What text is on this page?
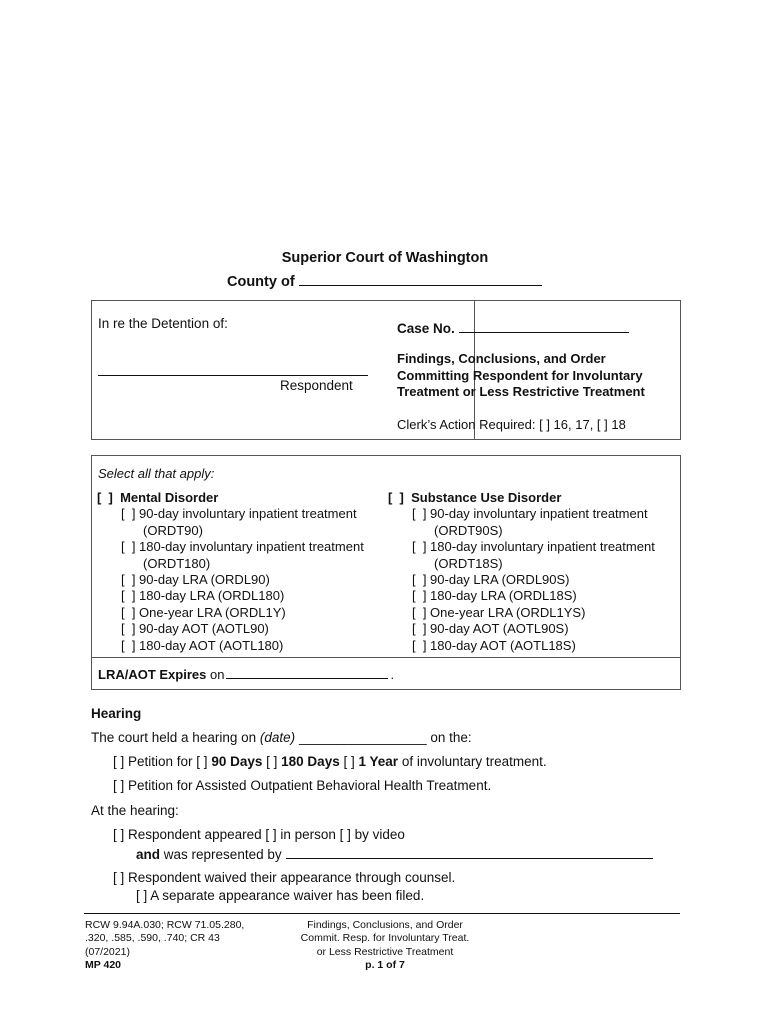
Superior Court of Washington
County of
In re the Detention of:
Respondent
Case No.
Findings, Conclusions, and Order
Committing Respondent for Involuntary
Treatment or Less Restrictive Treatment
Clerk’s Action Required: [ ] 16, 17, [ ] 18
Select all that apply:
[  ]  Mental Disorder
[  ] 90-day involuntary inpatient treatment
(ORDT90)
[  ] 180-day involuntary inpatient treatment
(ORDT180)
[  ] 90-day LRA (ORDL90)
[  ] 180-day LRA (ORDL180)
[  ] One-year LRA (ORDL1Y)
[  ] 90-day AOT (AOTL90)
[  ] 180-day AOT (AOTL180)
[  ]  Substance Use Disorder
[  ] 90-day involuntary inpatient treatment
(ORDT90S)
[  ] 180-day involuntary inpatient treatment
(ORDT18S)
[  ] 90-day LRA (ORDL90S)
[  ] 180-day LRA (ORDL18S)
[  ] One-year LRA (ORDL1YS)
[  ] 90-day AOT (AOTL90S)
[  ] 180-day AOT (AOTL18S)
LRA/AOT Expires on	.
Hearing
The court held a hearing on (date) _________________ on the:
[ ] Petition for [ ] 90 Days [ ] 180 Days [ ] 1 Year of involuntary treatment.
[ ] Petition for Assisted Outpatient Behavioral Health Treatment.
At the hearing:
[ ] Respondent appeared [ ] in person [ ] by video
and was represented by
[ ] Respondent waived their appearance through counsel.
[ ] A separate appearance waiver has been filed.
RCW 9.94A.030; RCW 71.05.280,
.320, .585, .590, .740; CR 43
(07/2021)
MP 420
Findings, Conclusions, and Order
Commit. Resp. for Involuntary Treat.
or Less Restrictive Treatment
p. 1 of 7
